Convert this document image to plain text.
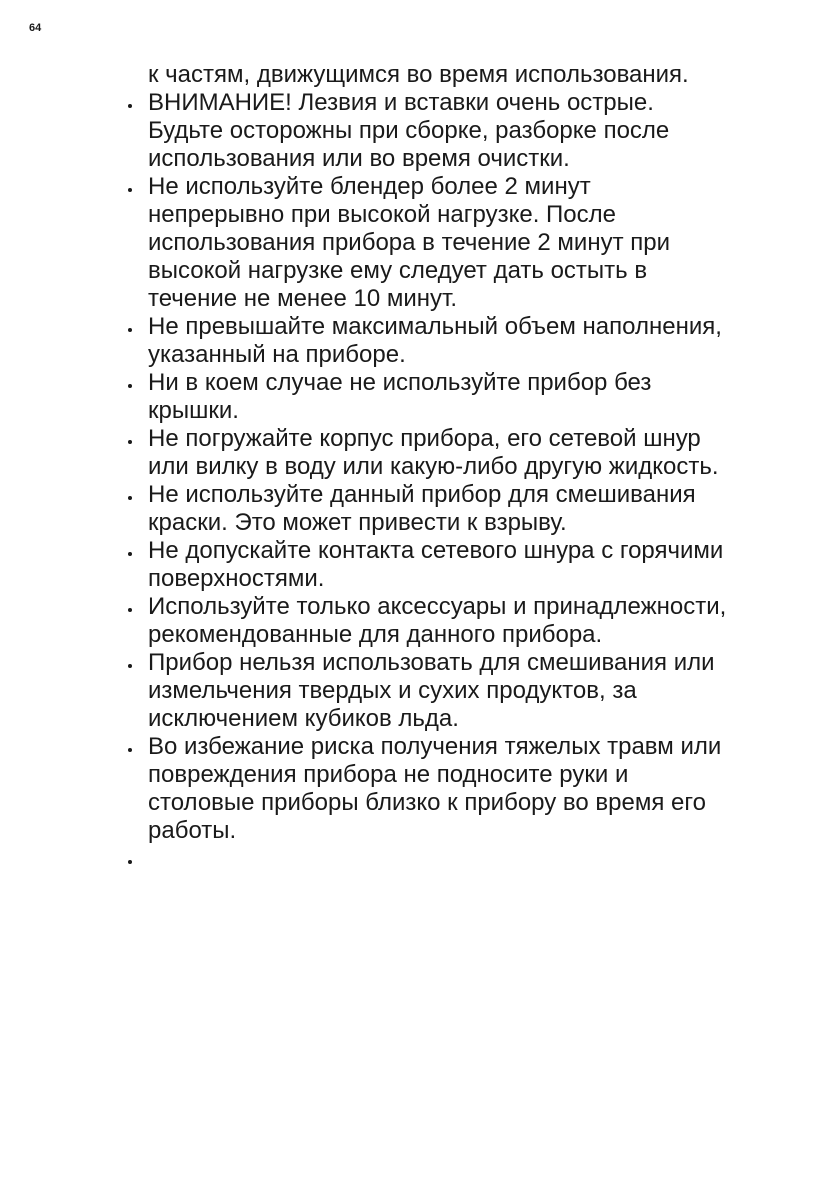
64
к частям, движущимся во время использования.
ВНИМАНИЕ! Лезвия и вставки очень острые.
Будьте осторожны при сборке, разборке после
использования или во время очистки.
Не используйте блендер более 2 минут
непрерывно при высокой нагрузке. После
использования прибора в течение 2 минут при
высокой нагрузке ему следует дать остыть в
течение не менее 10 минут.
Не превышайте максимальный объем наполнения,
указанный на приборе.
Ни в коем случае не используйте прибор без
крышки.
Не погружайте корпус прибора, его сетевой шнур
или вилку в воду или какую-либо другую жидкость.
Не используйте данный прибор для смешивания
краски. Это может привести к взрыву.
Не допускайте контакта сетевого шнура с горячими
поверхностями.
Используйте только аксессуары и принадлежности,
рекомендованные для данного прибора.
Прибор нельзя использовать для смешивания или
измельчения твердых и сухих продуктов, за
исключением кубиков льда.
Во избежание риска получения тяжелых травм или
повреждения прибора не подносите руки и
столовые приборы близко к прибору во время его
работы.
